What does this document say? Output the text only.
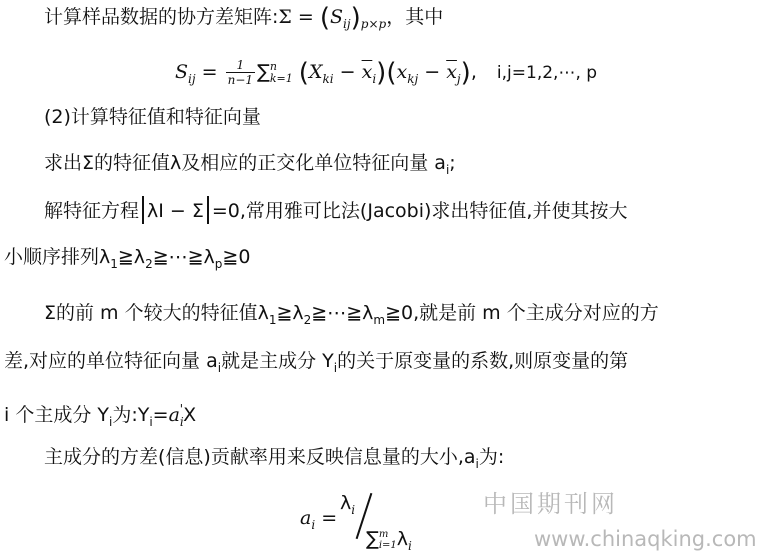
计算样品数据的协方差矩阵:Σ = $(S_{ij})_{p\times p}$，其中
$S_{ij} = \frac{1}{n-1}$ ∑ n
k=1 $(X_{ki} - \overline{x}_i)(x_{kj} - \overline{x}_j)$, i,j=1,2,⋯, p
(2)计算特征值和特征向量
求出Σ的特征值λ及相应的正交化单位特征向量 $a_i$;
解特征方程 λI − Σ =0,常用雅可比法(Jacobi)求出特征值,并使其按大
小顺序排列$\lambda_1≧\lambda_2≧\cdots≧\lambda_p≧0$
Σ的前 m 个较大的特征值$\lambda_1≧\lambda_2≧\cdots≧\lambda_m≧0$,就是前 m 个主成分对应的方
差,对应的单位特征向量 $a_i$就是主成分 $Y_i$的关于原变量的系数,则原变量的第
i 个主成分 $Y_i$为$:Y_i=a_i'X$
主成分的方差(信息)贡献率用来反映信息量的大小$,a_i$为:
$a_i$ =
$\lambda_i$
∑ m
i=1 $\lambda_i$
中国期刊网
www.chinaqking.com
